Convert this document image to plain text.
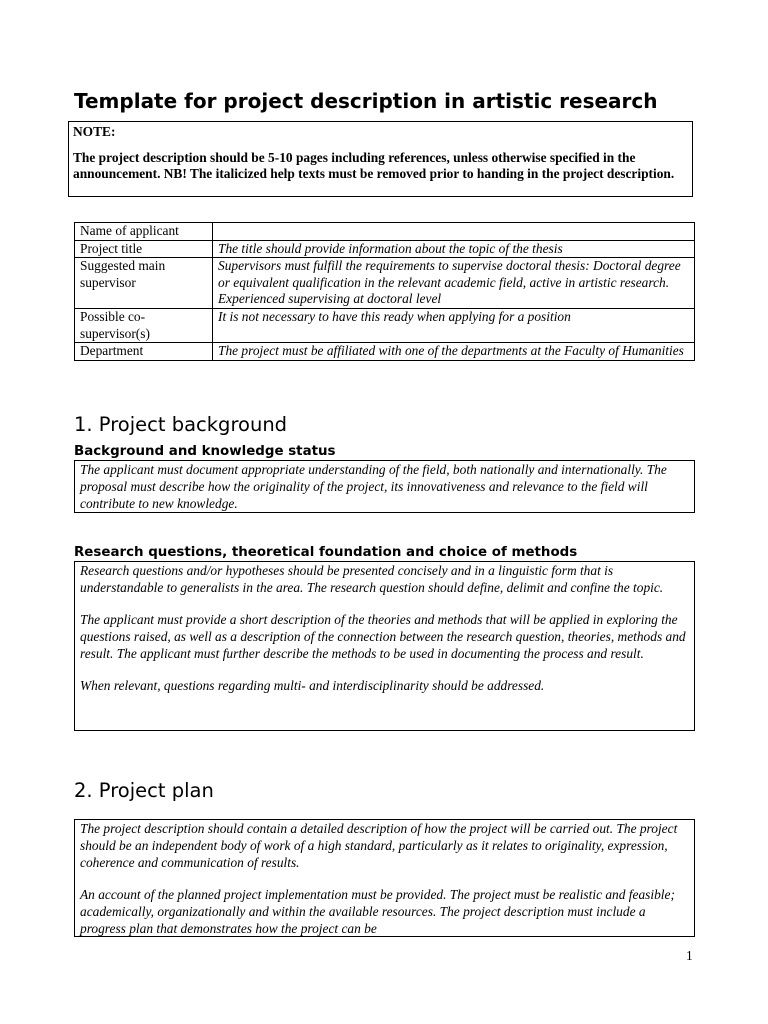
Template for project description in artistic research

NOTE:

The project description should be 5-10 pages including references, unless otherwise specified in the announcement. NB! The italicized help texts must be removed prior to handing in the project description.

Name of applicant	
Project title	The title should provide information about the topic of the thesis
Suggested main supervisor	Supervisors must fulfill the requirements to supervise doctoral thesis: Doctoral degree or equivalent qualification in the relevant academic field, active in artistic research. Experienced supervising at doctoral level
Possible co-supervisor(s)	It is not necessary to have this ready when applying for a position
Department	The project must be affiliated with one of the departments at the Faculty of Humanities
1. Project background
Background and knowledge status

The applicant must document appropriate understanding of the field, both nationally and internationally. The proposal must describe how the originality of the project, its innovativeness and relevance to the field will contribute to new knowledge.

Research questions, theoretical foundation and choice of methods

Research questions and/or hypotheses should be presented concisely and in a linguistic form that is understandable to generalists in the area. The research question should define, delimit and confine the topic.

The applicant must provide a short description of the theories and methods that will be applied in exploring the questions raised, as well as a description of the connection between the research question, theories, methods and result. The applicant must further describe the methods to be used in documenting the process and result.

When relevant, questions regarding multi- and interdisciplinarity should be addressed.

2. Project plan

The project description should contain a detailed description of how the project will be carried out. The project should be an independent body of work of a high standard, particularly as it relates to originality, expression, coherence and communication of results.

An account of the planned project implementation must be provided. The project must be realistic and feasible; academically, organizationally and within the available resources. The project description must include a progress plan that demonstrates how the project can be

1
